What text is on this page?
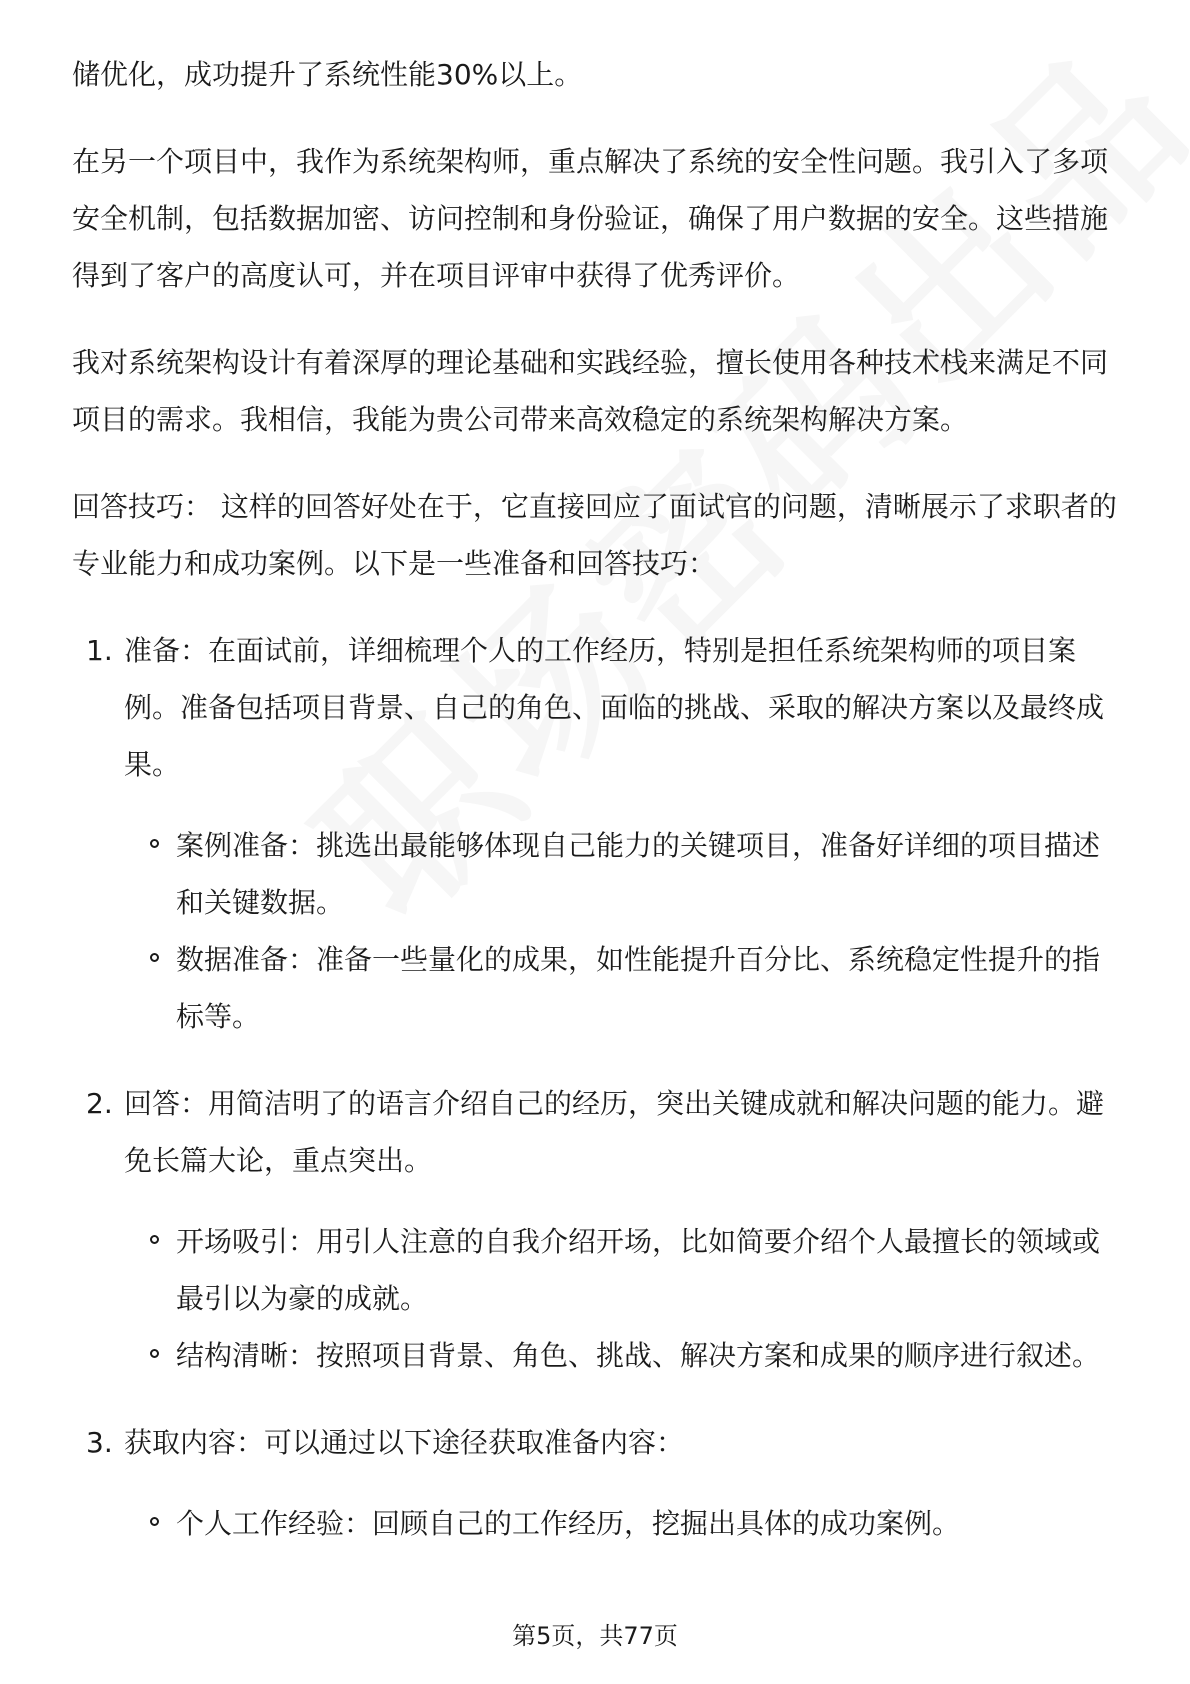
储优化，成功提升了系统性能30%以上。

在另一个项目中，我作为系统架构师，重点解决了系统的安全性问题。我引入了多项安全机制，包括数据加密、访问控制和身份验证，确保了用户数据的安全。这些措施得到了客户的高度认可，并在项目评审中获得了优秀评价。

我对系统架构设计有着深厚的理论基础和实践经验，擅长使用各种技术栈来满足不同项目的需求。我相信，我能为贵公司带来高效稳定的系统架构解决方案。

回答技巧： 这样的回答好处在于，它直接回应了面试官的问题，清晰展示了求职者的专业能力和成功案例。以下是一些准备和回答技巧：

1. 准备：在面试前，详细梳理个人的工作经历，特别是担任系统架构师的项目案例。准备包括项目背景、自己的角色、面临的挑战、采取的解决方案以及最终成果。
案例准备：挑选出最能够体现自己能力的关键项目，准备好详细的项目描述和关键数据。
数据准备：准备一些量化的成果，如性能提升百分比、系统稳定性提升的指标等。
2. 回答：用简洁明了的语言介绍自己的经历，突出关键成就和解决问题的能力。避免长篇大论，重点突出。
开场吸引：用引人注意的自我介绍开场，比如简要介绍个人最擅长的领域或最引以为豪的成就。
结构清晰：按照项目背景、角色、挑战、解决方案和成果的顺序进行叙述。
3. 获取内容：可以通过以下途径获取准备内容：
个人工作经验：回顾自己的工作经历，挖掘出具体的成功案例。
第5页，共77页
